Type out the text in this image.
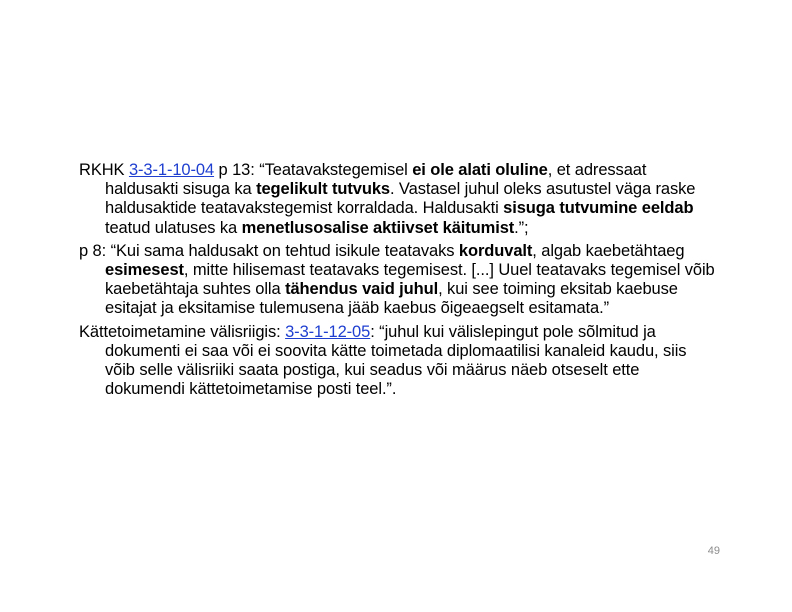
RKHK 3-3-1-10-04 p 13: “Teatavakstegemisel ei ole alati oluline, et adressaat haldusakti sisuga ka tegelikult tutvuks. Vastasel juhul oleks asutustel väga raske haldusaktide teatavakstegemist korraldada. Haldusakti sisuga tutvumine eeldab teatud ulatuses ka menetlusosalise aktiivset käitumist.”;

p 8: “Kui sama haldusakt on tehtud isikule teatavaks korduvalt, algab kaebetähtaeg esimesest, mitte hilisemast teatavaks tegemisest. [...] Uuel teatavaks tegemisel võib kaebetähtaja suhtes olla tähendus vaid juhul, kui see toiming eksitab kaebuse esitajat ja eksitamise tulemusena jääb kaebus õigeaegselt esitamata.”

Kättetoimetamine välisriigis: 3-3-1-12-05: “juhul kui välislepingut pole sõlmitud ja dokumenti ei saa või ei soovita kätte toimetada diplomaatilisi kanaleid kaudu, siis võib selle välisriiki saata postiga, kui seadus või määrus näeb otseselt ette dokumendi kättetoimetamise posti teel.”.

49
